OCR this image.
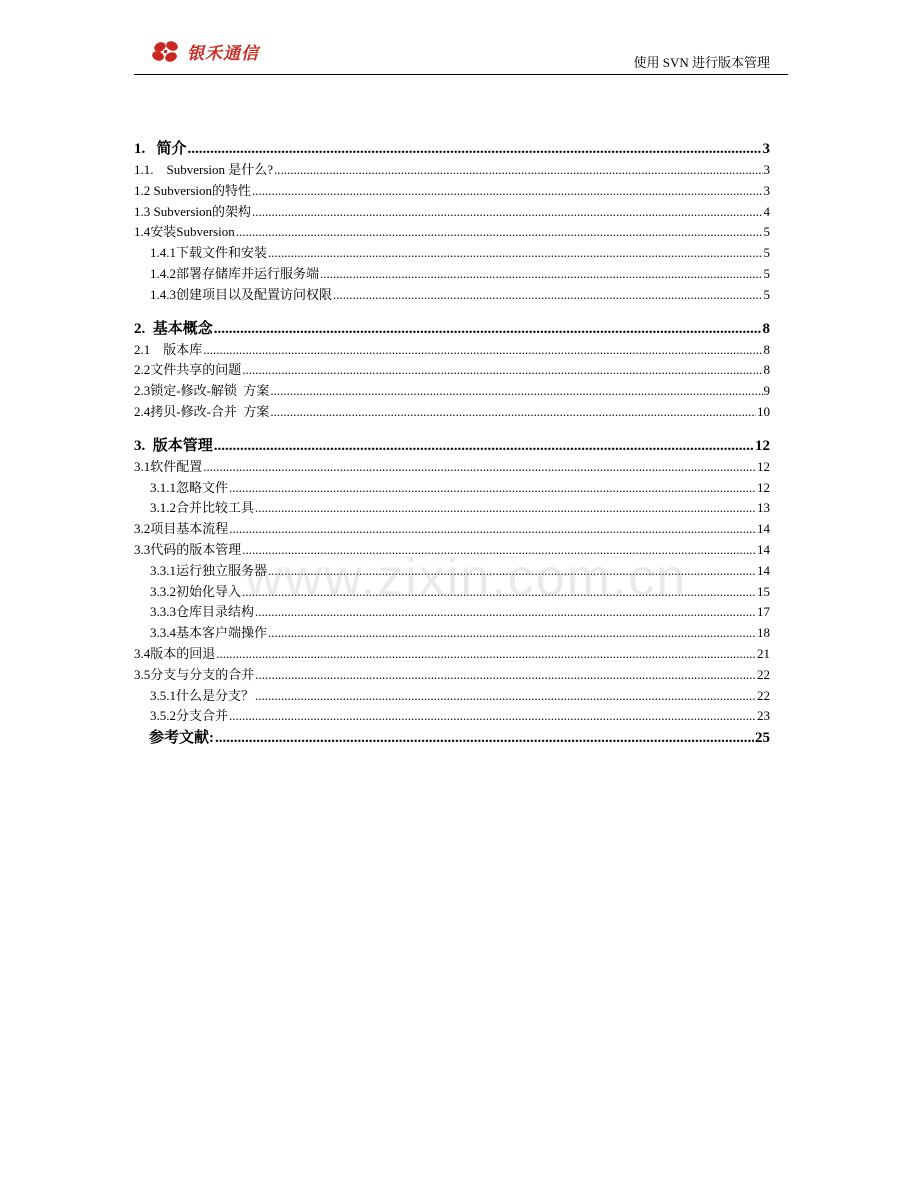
银禾通信	使用 SVN 进行版本管理
1.   简介 .....	3
1.1.    Subversion 是什么? .....	3
1.2 Subversion的特性 .....	3
1.3 Subversion的架构 .....	4
1.4安装Subversion .....	5
1.4.1下载文件和安装 .....	5
1.4.2部署存储库并运行服务端 .....	5
1.4.3创建项目以及配置访问权限 .....	5
2.  基本概念 .....	8
2.1    版本库 .....	8
2.2文件共享的问题 .....	8
2.3锁定-修改-解锁  方案 .....	9
2.4拷贝-修改-合并  方案 .....	10
3.  版本管理 .....	12
3.1软件配置 .....	12
3.1.1忽略文件 .....	12
3.1.2合并比较工具 .....	13
3.2项目基本流程 .....	14
3.3代码的版本管理 .....	14
3.3.1运行独立服务器 .....	14
3.3.2初始化导入 .....	15
3.3.3仓库目录结构 .....	17
3.3.4基本客户端操作 .....	18
3.4版本的回退 .....	21
3.5分支与分支的合并 .....	22
3.5.1什么是分支？ .....	22
3.5.2分支合并 .....	23
参考文献: .....	25
www.zixin.com.cn
